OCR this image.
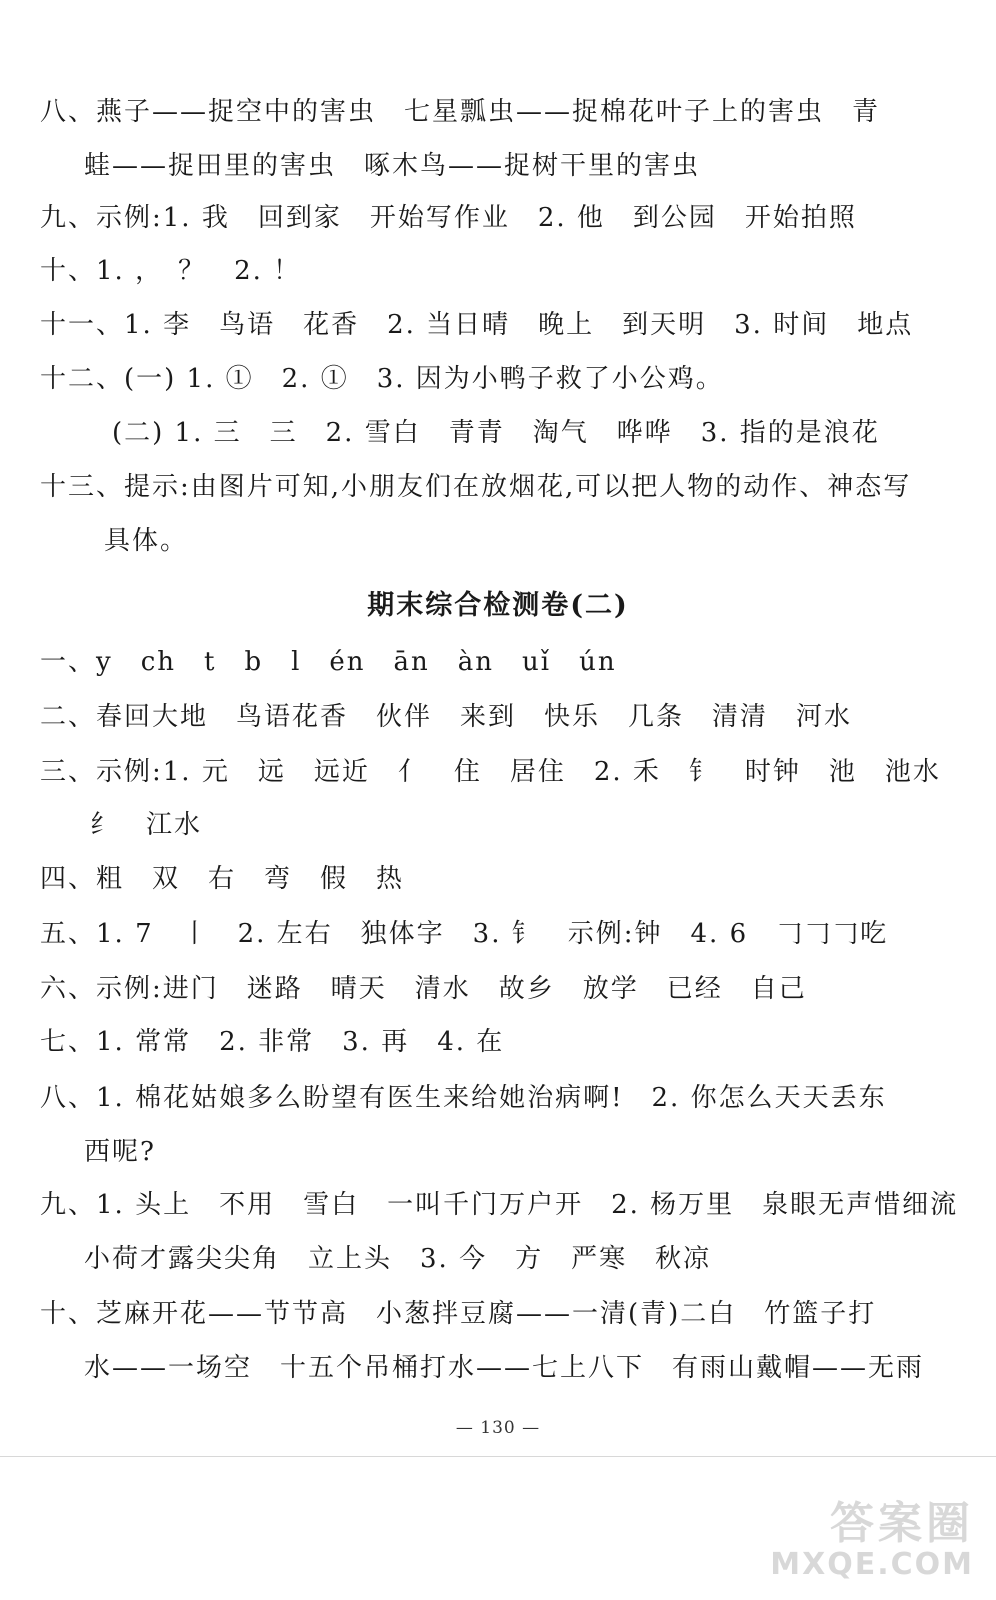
八、燕子——捉空中的害虫　七星瓢虫——捉棉花叶子上的害虫　青
蛙——捉田里的害虫　啄木鸟——捉树干里的害虫
九、示例:1. 我　回到家　开始写作业　2. 他　到公园　开始拍照
十、1. ，　？　2. ！
十一、1. 李　鸟语　花香　2. 当日晴　晚上　到天明　3. 时间　地点
十二、(一) 1. ①　2. ①　3. 因为小鸭子救了小公鸡。
(二) 1. 三　三　2. 雪白　青青　淘气　哗哗　3. 指的是浪花
十三、提示:由图片可知,小朋友们在放烟花,可以把人物的动作、神态写
具体。
期末综合检测卷(二)
一、y　ch　t　b　l　én　ān　àn　uǐ　ún
二、春回大地　鸟语花香　伙伴　来到　快乐　几条　清清　河水
三、示例:1. 元　远　远近　亻　住　居住　2. 禾　钅　时钟　池　池水
纟　江水
四、粗　双　右　弯　假　热
五、1. 7　丨　2. 左右　独体字　3. 钅　示例:钟　4. 6　𠃌𠃌𠃌吃
六、示例:进门　迷路　晴天　清水　故乡　放学　已经　自己
七、1. 常常　2. 非常　3. 再　4. 在
八、1. 棉花姑娘多么盼望有医生来给她治病啊!　2. 你怎么天天丢东
西呢?
九、1. 头上　不用　雪白　一叫千门万户开　2. 杨万里　泉眼无声惜细流
小荷才露尖尖角　立上头　3. 今　方　严寒　秋凉
十、芝麻开花——节节高　小葱拌豆腐——一清(青)二白　竹篮子打
水——一场空　十五个吊桶打水——七上八下　有雨山戴帽——无雨
— 130 —
答案圈
MXQE.COM
